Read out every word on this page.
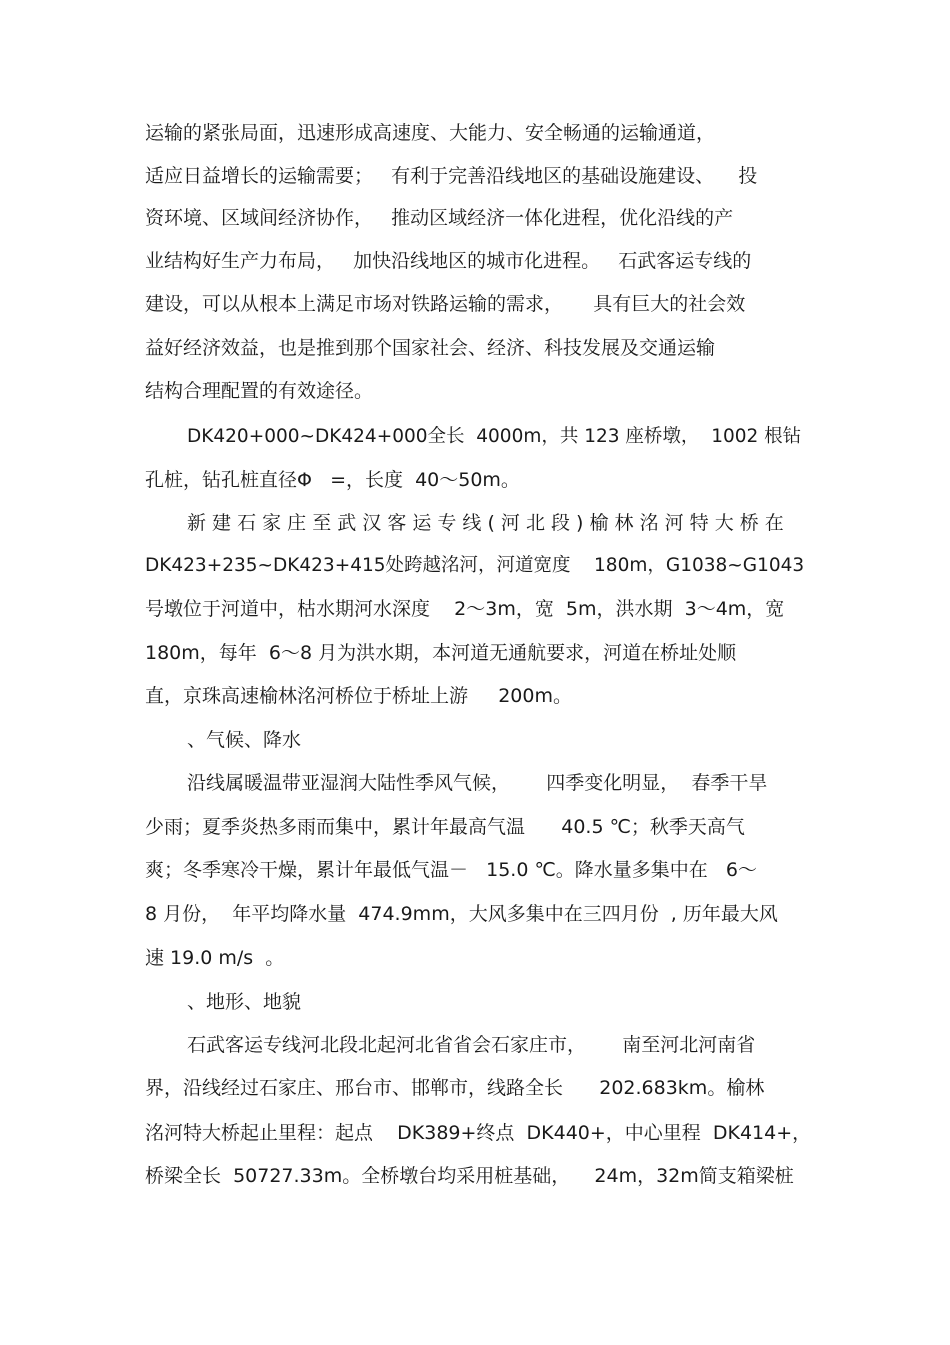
运输的紧张局面，迅速形成高速度、大能力、安全畅通的运输通道，
适应日益增长的运输需要；   有利于完善沿线地区的基础设施建设、    投
资环境、区域间经济协作，   推动区域经济一体化进程，优化沿线的产
业结构好生产力布局，   加快沿线地区的城市化进程。   石武客运专线的
建设，可以从根本上满足市场对铁路运输的需求，     具有巨大的社会效
益好经济效益，也是推到那个国家社会、经济、科技发展及交通运输
结构合理配置的有效途径。
DK420+000~DK424+000全长  4000m，共 123 座桥墩，  1002 根钻
孔桩，钻孔桩直径Φ   =，长度  40～50m。
新 建 石 家 庄 至 武 汉 客 运 专 线 ( 河 北 段 ) 榆 林 洺 河 特 大 桥 在
DK423+235~DK423+415处跨越洺河，河道宽度    180m，G1038~G1043
号墩位于河道中，枯水期河水深度    2～3m，宽  5m，洪水期  3～4m，宽
180m，每年  6～8 月为洪水期，本河道无通航要求，河道在桥址处顺
直，京珠高速榆林洺河桥位于桥址上游     200m。
、气候、降水
沿线属暖温带亚湿润大陆性季风气候，      四季变化明显，  春季干旱
少雨；夏季炎热多雨而集中，累计年最高气温      40.5 ℃；秋季天高气
爽；冬季寒冷干燥，累计年最低气温－   15.0 ℃。降水量多集中在   6～
8 月份，  年平均降水量  474.9mm，大风多集中在三四月份  , 历年最大风
速 19.0 m/s  。
、地形、地貌
石武客运专线河北段北起河北省省会石家庄市，      南至河北河南省
界，沿线经过石家庄、邢台市、邯郸市，线路全长      202.683km。榆林
洺河特大桥起止里程：起点    DK389+终点  DK440+，中心里程  DK414+，
桥梁全长  50727.33m。全桥墩台均采用桩基础，    24m，32m简支箱梁桩
